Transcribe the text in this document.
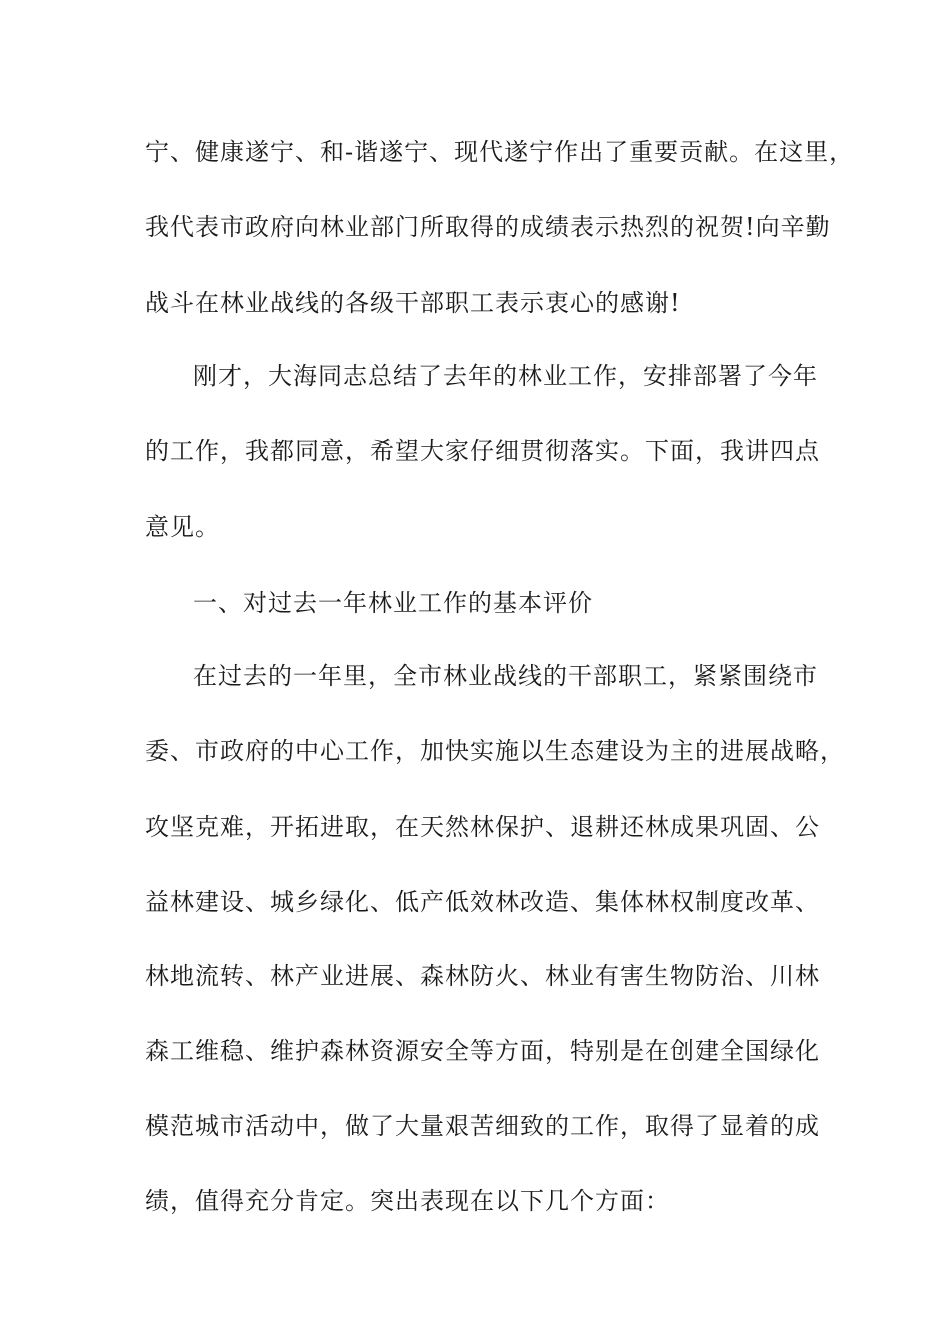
宁、健康遂宁、和-谐遂宁、现代遂宁作出了重要贡献。在这里，
我代表市政府向林业部门所取得的成绩表示热烈的祝贺!向辛勤
战斗在林业战线的各级干部职工表示衷心的感谢!
刚才，大海同志总结了去年的林业工作，安排部署了今年
的工作，我都同意，希望大家仔细贯彻落实。下面，我讲四点
意见。
一、对过去一年林业工作的基本评价
在过去的一年里，全市林业战线的干部职工，紧紧围绕市
委、市政府的中心工作，加快实施以生态建设为主的进展战略，
攻坚克难，开拓进取，在天然林保护、退耕还林成果巩固、公
益林建设、城乡绿化、低产低效林改造、集体林权制度改革、
林地流转、林产业进展、森林防火、林业有害生物防治、川林
森工维稳、维护森林资源安全等方面，特别是在创建全国绿化
模范城市活动中，做了大量艰苦细致的工作，取得了显着的成
绩，值得充分肯定。突出表现在以下几个方面：
